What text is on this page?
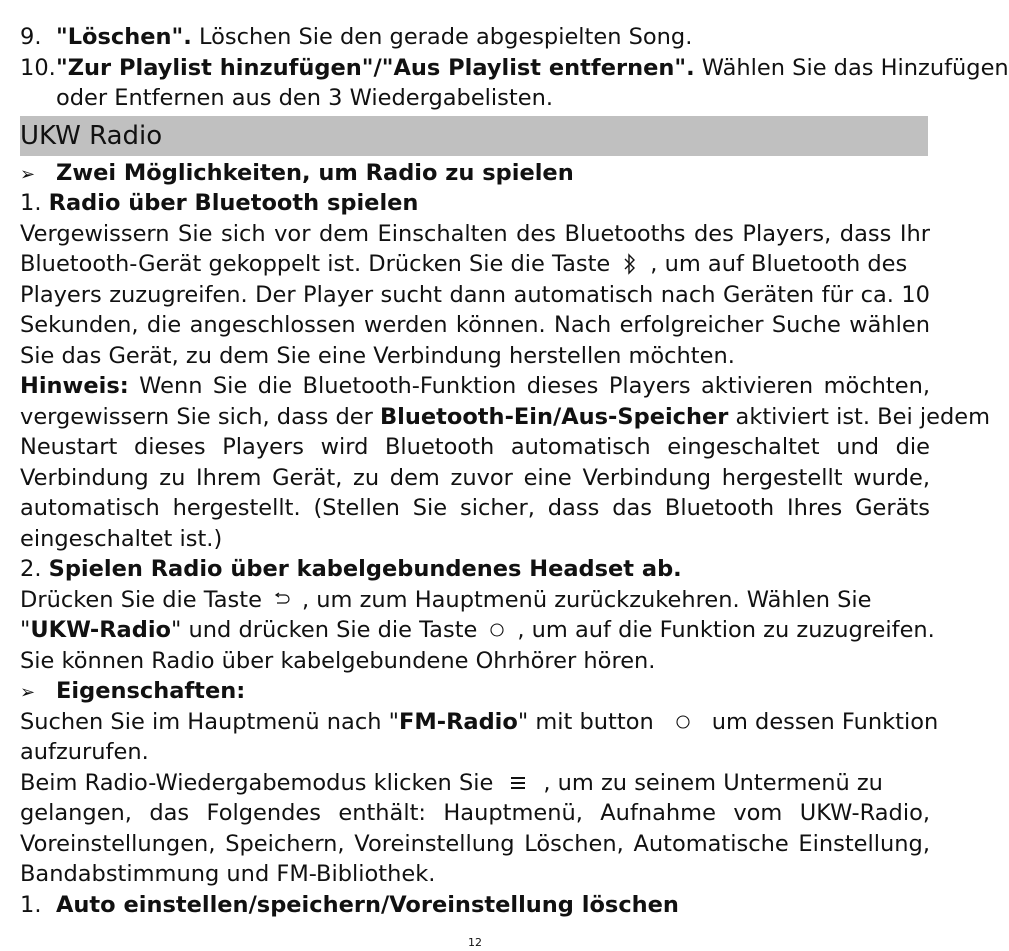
9. "Löschen". Löschen Sie den gerade abgespielten Song.
10."Zur Playlist hinzufügen"/"Aus Playlist entfernen". Wählen Sie das Hinzufügen
oder Entfernen aus den 3 Wiedergabelisten.
UKW Radio
➢ Zwei Möglichkeiten, um Radio zu spielen
1. Radio über Bluetooth spielen
Vergewissern Sie sich vor dem Einschalten des Bluetooths des Players, dass Ihr
Bluetooth-Gerät gekoppelt ist. Drücken Sie die Taste , um auf Bluetooth des
Players zuzugreifen. Der Player sucht dann automatisch nach Geräten für ca. 10
Sekunden, die angeschlossen werden können. Nach erfolgreicher Suche wählen
Sie das Gerät, zu dem Sie eine Verbindung herstellen möchten.
Hinweis: Wenn Sie die Bluetooth-Funktion dieses Players aktivieren möchten,
vergewissern Sie sich, dass der Bluetooth-Ein/Aus-Speicher aktiviert ist. Bei jedem
Neustart dieses Players wird Bluetooth automatisch eingeschaltet und die
Verbindung zu Ihrem Gerät, zu dem zuvor eine Verbindung hergestellt wurde,
automatisch hergestellt. (Stellen Sie sicher, dass das Bluetooth Ihres Geräts
eingeschaltet ist.)
2. Spielen Radio über kabelgebundenes Headset ab.
Drücken Sie die Taste , um zum Hauptmenü zurückzukehren. Wählen Sie
"UKW-Radio" und drücken Sie die Taste , um auf die Funktion zu zuzugreifen.
Sie können Radio über kabelgebundene Ohrhörer hören.
➢ Eigenschaften:
Suchen Sie im Hauptmenü nach "FM-Radio" mit button	um dessen Funktion
aufzurufen.
Beim Radio-Wiedergabemodus klicken Sie , um zu seinem Untermenü zu
gelangen, das Folgendes enthält: Hauptmenü, Aufnahme vom UKW-Radio,
Voreinstellungen, Speichern, Voreinstellung Löschen, Automatische Einstellung,
Bandabstimmung und FM-Bibliothek.
1. Auto einstellen/speichern/Voreinstellung löschen
12
